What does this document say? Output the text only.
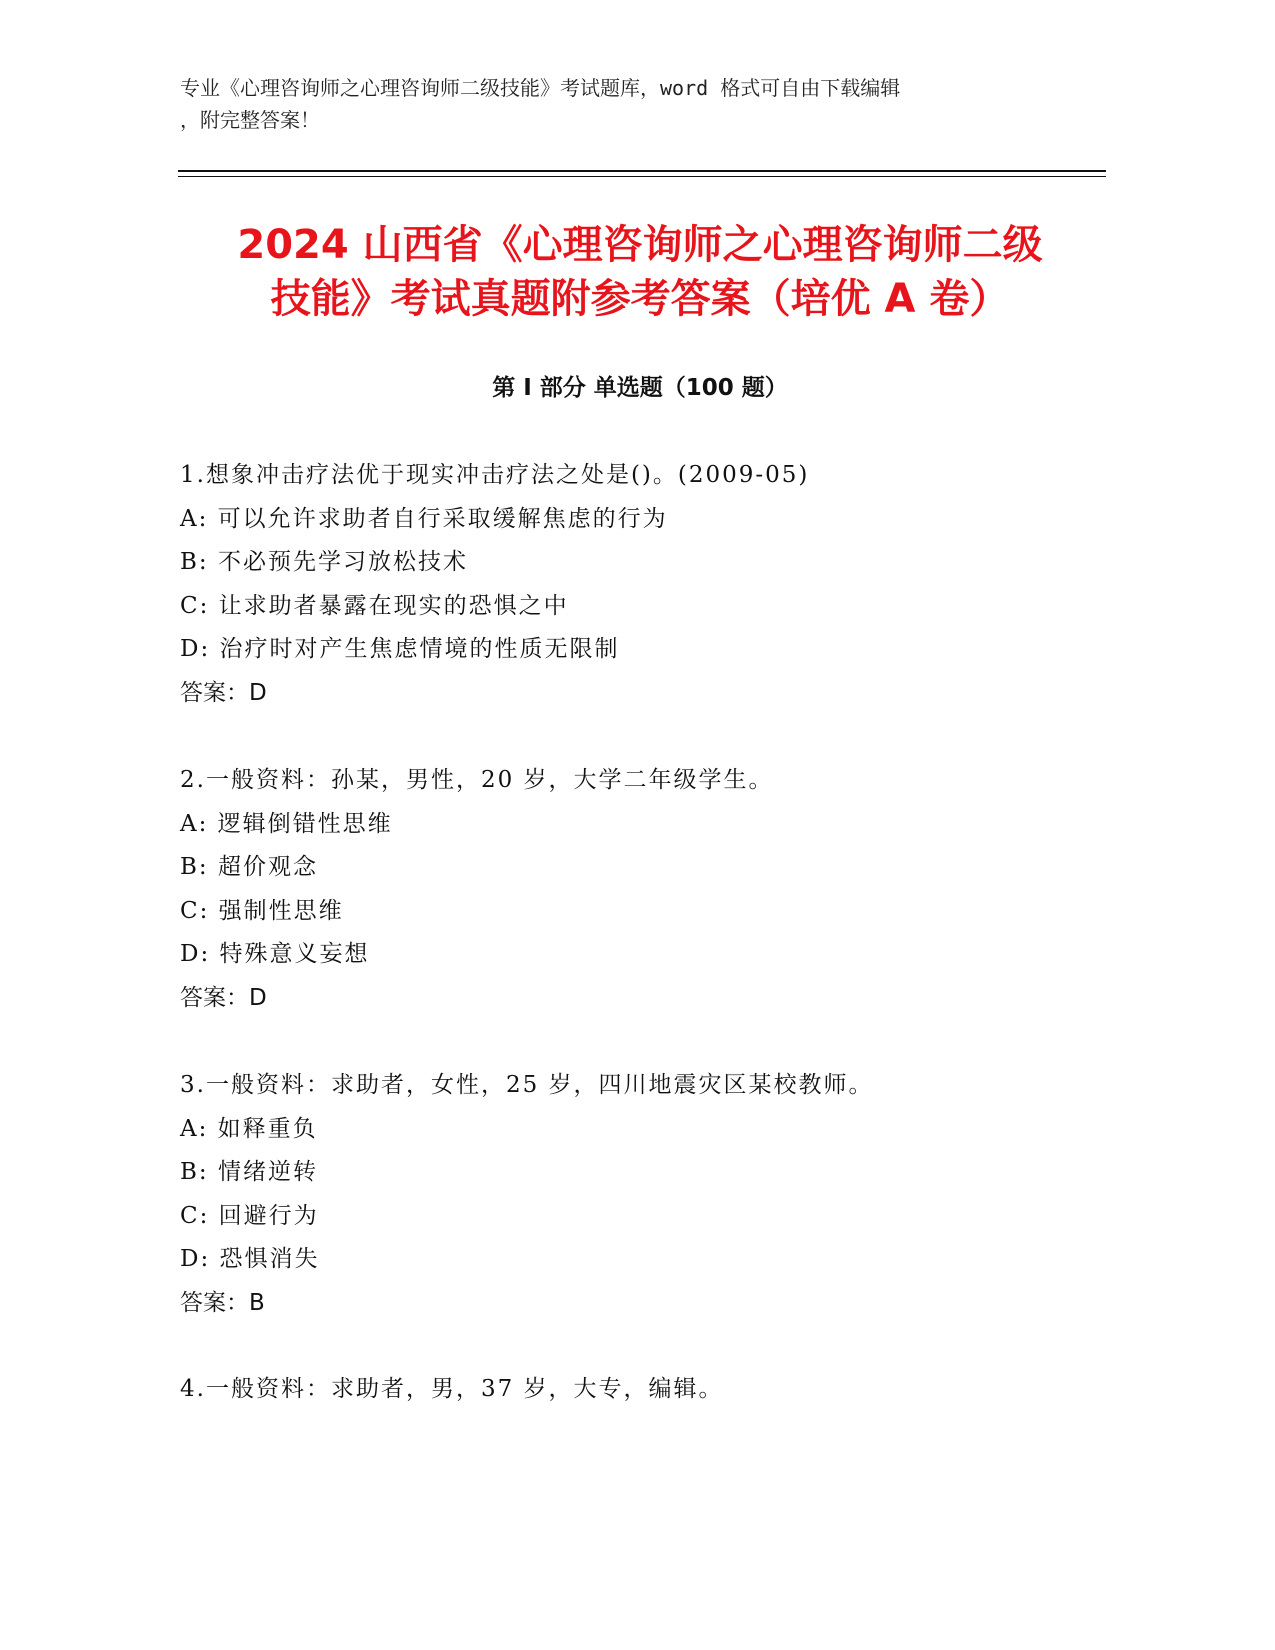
专业《心理咨询师之心理咨询师二级技能》考试题库，word 格式可自由下载编辑
，附完整答案！
2024 山西省《心理咨询师之心理咨询师二级
技能》考试真题附参考答案（培优 A 卷）
第 I 部分 单选题（100 题）
1.想象冲击疗法优于现实冲击疗法之处是()。(2009-05)
A: 可以允许求助者自行采取缓解焦虑的行为
B: 不必预先学习放松技术
C: 让求助者暴露在现实的恐惧之中
D: 治疗时对产生焦虑情境的性质无限制
答案：D
2.一般资料：孙某，男性，20 岁，大学二年级学生。
A: 逻辑倒错性思维
B: 超价观念
C: 强制性思维
D: 特殊意义妄想
答案：D
3.一般资料：求助者，女性，25 岁，四川地震灾区某校教师。
A: 如释重负
B: 情绪逆转
C: 回避行为
D: 恐惧消失
答案：B
4.一般资料：求助者，男，37 岁，大专，编辑。
